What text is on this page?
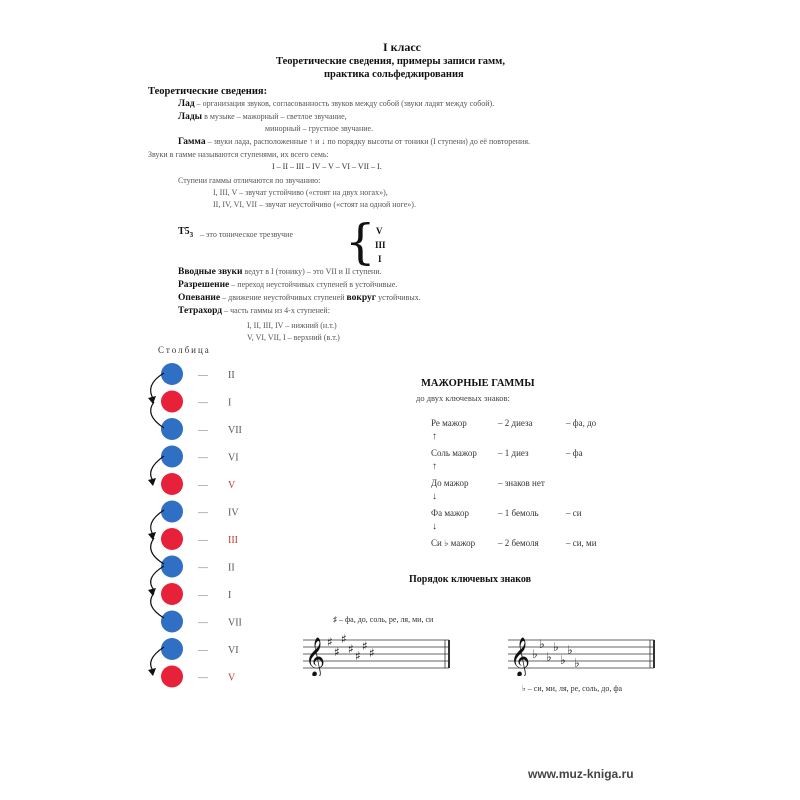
I класс
Теоретические сведения, примеры записи гамм,
практика сольфеджирования
Теоретические сведения:
Лад – организация звуков, согласованность звуков между собой (звуки ладят между собой).
Лады в музыке – мажорный – светлое звучание,
минорный – грустное звучание.
Гамма – звуки лада, расположенные ↑ и ↓ по порядку высоты от тоники (I ступени) до её повторения.
Звуки в гамме называются ступенями, их всего семь:
I – II – III – IV – V – VI – VII – I.
Ступени гаммы отличаются по звучанию:
I, III, V – звучат устойчиво («стоят на двух ногах»),
II, IV, VI, VII – звучат неустойчиво («стоят на одной ноге»).
$Т5_3$ – это тоническое трезвучие { V
III
I
Вводные звуки ведут в I (тонику) – это VII и II ступени.
Разрешение – переход неустойчивых ступеней в устойчивые.
Опевание – движение неустойчивых ступеней вокруг устойчивых.
Тетрахорд – часть гаммы из 4-х ступеней:
I, II, III, IV – нижний (н.т.)
V, VI, VII, I – верхний (в.т.)
Столбица
— II
— I
— VII
— VI
— V
— IV
— III
— II
— I
— VII
— VI
— V
МАЖОРНЫЕ ГАММЫ
до двух ключевых знаков:
Ре мажор	– 2 диеза	– фа, до
↑
Соль мажор – 1 диез	– фа
↑
До мажор	– знаков нет
↓
Фа мажор	– 1 бемоль	– си
↓
Си ♭ мажор	– 2 бемоля	– си, ми
Порядок ключевых знаков
♯ – фа, до, соль, ре, ля, ми, си
♭ – си, ми, ля, ре, соль, до, фа
𝄞 ♯
♯
♯
♯ ♯
♯ ♯	𝄞 ♭
♭
♭
♭
♭
♭
♭
www.muz-kniga.ru
